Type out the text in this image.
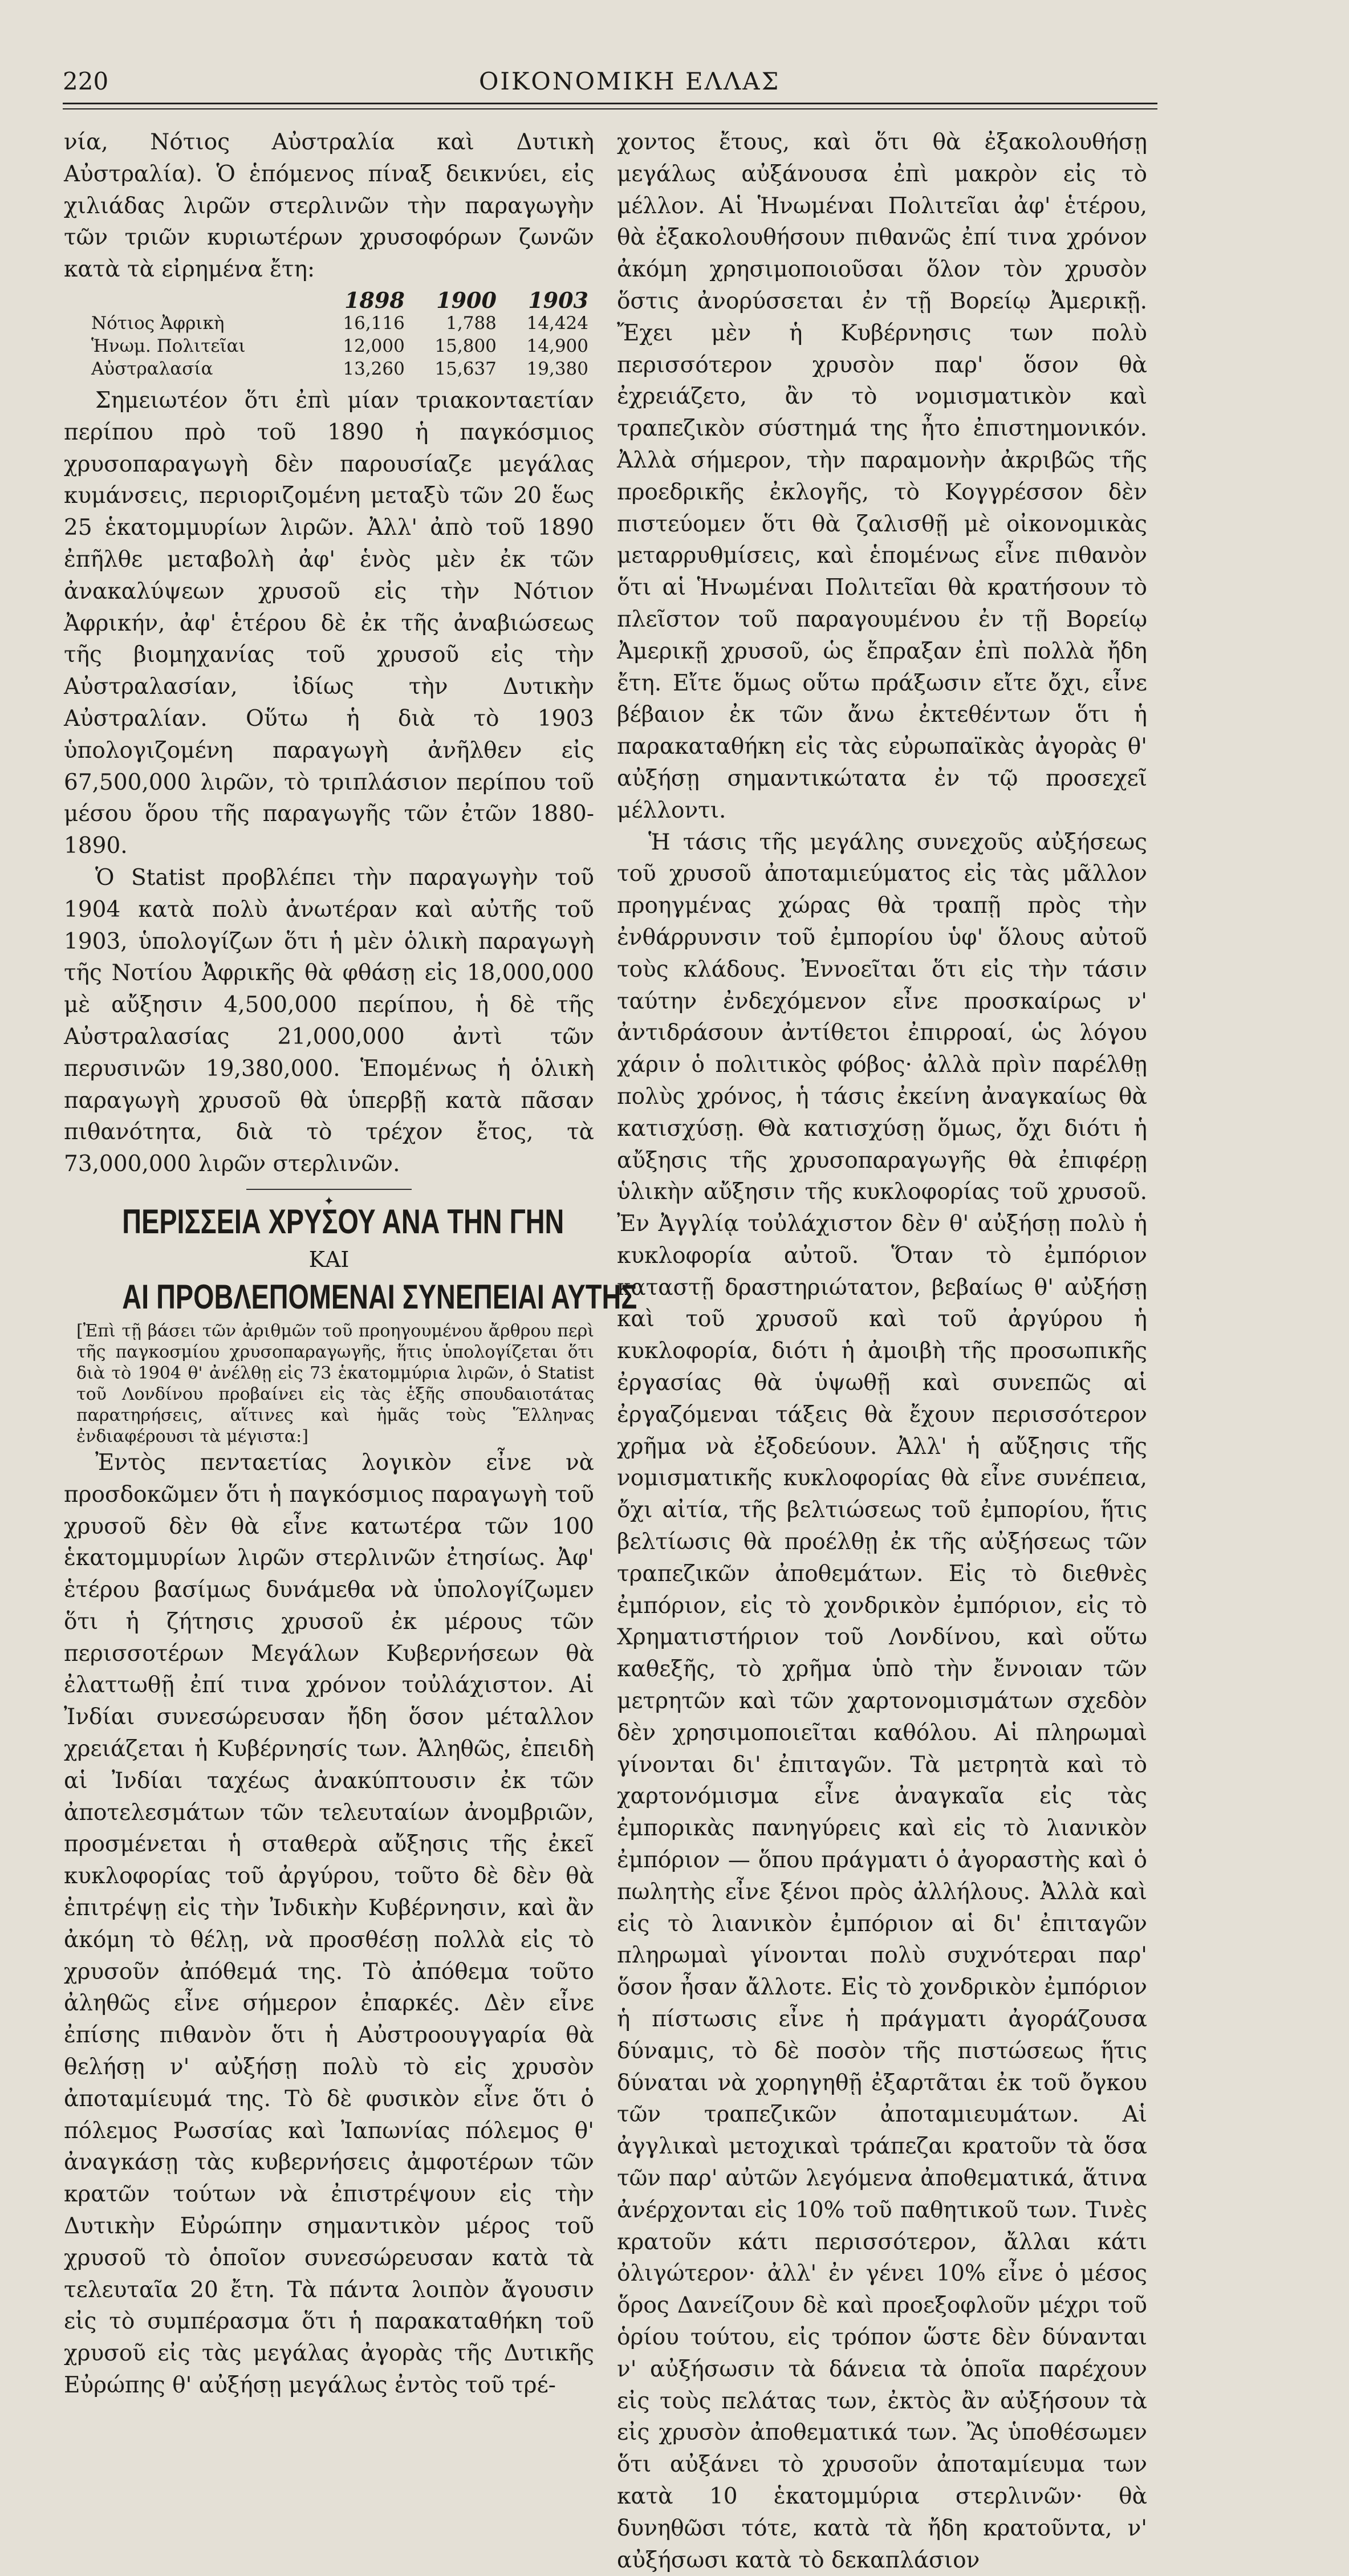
220	ΟΙΚΟΝΟΜΙΚΗ ΕΛΛΑΣ

νία, Νότιος Αὐστραλία καὶ Δυτικὴ Αὐστραλία). Ὁ ἑπόμενος πίναξ δεικνύει, εἰς χιλιάδας λιρῶν στερλινῶν τὴν παραγωγὴν τῶν τριῶν κυριωτέρων χρυσοφόρων ζωνῶν κατὰ τὰ εἰρημένα ἔτη:

	1898	1900	1903
Νότιος Ἀφρικὴ	16,116	1,788	14,424
Ἡνωμ. Πολιτεῖαι	12,000	15,800	14,900
Αὐστραλασία	13,260	15,637	19,380

Σημειωτέον ὅτι ἐπὶ μίαν τριακονταετίαν περίπου πρὸ τοῦ 1890 ἡ παγκόσμιος χρυσοπαραγωγὴ δὲν παρουσίαζε μεγάλας κυμάνσεις, περιοριζομένη μεταξὺ τῶν 20 ἕως 25 ἑκατομμυρίων λιρῶν. Ἀλλ' ἀπὸ τοῦ 1890 ἐπῆλθε μεταβολὴ ἀφ' ἑνὸς μὲν ἐκ τῶν ἀνακαλύψεων χρυσοῦ εἰς τὴν Νότιον Ἀφρικήν, ἀφ' ἑτέρου δὲ ἐκ τῆς ἀναβιώσεως τῆς βιομηχανίας τοῦ χρυσοῦ εἰς τὴν Αὐστραλασίαν, ἰδίως τὴν Δυτικὴν Αὐστραλίαν. Οὕτω ἡ διὰ τὸ 1903 ὑπολογιζομένη παραγωγὴ ἀνῆλθεν εἰς 67,500,000 λιρῶν, τὸ τριπλάσιον περίπου τοῦ μέσου ὅρου τῆς παραγωγῆς τῶν ἐτῶν 1880-1890.

Ὁ Statist προβλέπει τὴν παραγωγὴν τοῦ 1904 κατὰ πολὺ ἀνωτέραν καὶ αὐτῆς τοῦ 1903, ὑπολογίζων ὅτι ἡ μὲν ὁλικὴ παραγωγὴ τῆς Νοτίου Ἀφρικῆς θὰ φθάσῃ εἰς 18,000,000 μὲ αὔξησιν 4,500,000 περίπου, ἡ δὲ τῆς Αὐστραλασίας 21,000,000 ἀντὶ τῶν περυσινῶν 19,380,000. Ἑπομένως ἡ ὁλικὴ παραγωγὴ χρυσοῦ θὰ ὑπερβῇ κατὰ πᾶσαν πιθανότητα, διὰ τὸ τρέχον ἔτος, τὰ 73,000,000 λιρῶν στερλινῶν.

✦
ΠΕΡΙΣΣΕΙΑ ΧΡΥΣΟΥ ΑΝΑ ΤΗΝ ΓΗΝ
ΚΑΙ
ΑΙ ΠΡΟΒΛΕΠΟΜΕΝΑΙ ΣΥΝΕΠΕΙΑΙ ΑΥΤΗΣ

[Ἐπὶ τῇ βάσει τῶν ἀριθμῶν τοῦ προηγουμένου ἄρθρου περὶ τῆς παγκοσμίου χρυσοπαραγωγῆς, ἥτις ὑπολογίζεται ὅτι διὰ τὸ 1904 θ' ἀνέλθῃ εἰς 73 ἑκατομμύρια λιρῶν, ὁ Statist τοῦ Λονδίνου προβαίνει εἰς τὰς ἑξῆς σπουδαιοτάτας παρατηρήσεις, αἵτινες καὶ ἡμᾶς τοὺς Ἕλληνας ἐνδιαφέρουσι τὰ μέγιστα:]

Ἐντὸς πενταετίας λογικὸν εἶνε νὰ προσδοκῶμεν ὅτι ἡ παγκόσμιος παραγωγὴ τοῦ χρυσοῦ δὲν θὰ εἶνε κατωτέρα τῶν 100 ἑκατομμυρίων λιρῶν στερλινῶν ἐτησίως. Ἀφ' ἑτέρου βασίμως δυνάμεθα νὰ ὑπολογίζωμεν ὅτι ἡ ζήτησις χρυσοῦ ἐκ μέρους τῶν περισσοτέρων Μεγάλων Κυβερνήσεων θὰ ἐλαττωθῇ ἐπί τινα χρόνον τοὐλάχιστον. Αἱ Ἰνδίαι συνεσώρευσαν ἤδη ὅσον μέταλλον χρειάζεται ἡ Κυβέρνησίς των. Ἀληθῶς, ἐπειδὴ αἱ Ἰνδίαι ταχέως ἀνακύπτουσιν ἐκ τῶν ἀποτελεσμάτων τῶν τελευταίων ἀνομβριῶν, προσμένεται ἡ σταθερὰ αὔξησις τῆς ἐκεῖ κυκλοφορίας τοῦ ἀργύρου, τοῦτο δὲ δὲν θὰ ἐπιτρέψῃ εἰς τὴν Ἰνδικὴν Κυβέρνησιν, καὶ ἂν ἀκόμη τὸ θέλῃ, νὰ προσθέσῃ πολλὰ εἰς τὸ χρυσοῦν ἀπόθεμά της. Τὸ ἀπόθεμα τοῦτο ἀληθῶς εἶνε σήμερον ἐπαρκές. Δὲν εἶνε ἐπίσης πιθανὸν ὅτι ἡ Αὐστροουγγαρία θὰ θελήσῃ ν' αὐξήσῃ πολὺ τὸ εἰς χρυσὸν ἀποταμίευμά της. Τὸ δὲ φυσικὸν εἶνε ὅτι ὁ πόλεμος Ρωσσίας καὶ Ἰαπωνίας πόλεμος θ' ἀναγκάσῃ τὰς κυβερνήσεις ἀμφοτέρων τῶν κρατῶν τούτων νὰ ἐπιστρέψουν εἰς τὴν Δυτικὴν Εὐρώπην σημαντικὸν μέρος τοῦ χρυσοῦ τὸ ὁποῖον συνεσώρευσαν κατὰ τὰ τελευταῖα 20 ἔτη. Τὰ πάντα λοιπὸν ἄγουσιν εἰς τὸ συμπέρασμα ὅτι ἡ παρακαταθήκη τοῦ χρυσοῦ εἰς τὰς μεγάλας ἀγορὰς τῆς Δυτικῆς Εὐρώπης θ' αὐξήσῃ μεγάλως ἐντὸς τοῦ τρέ-

χοντος ἔτους, καὶ ὅτι θὰ ἐξακολουθήσῃ μεγάλως αὐξάνουσα ἐπὶ μακρὸν εἰς τὸ μέλλον. Αἱ Ἡνωμέναι Πολιτεῖαι ἀφ' ἑτέρου, θὰ ἐξακολουθήσουν πιθανῶς ἐπί τινα χρόνον ἀκόμη χρησιμοποιοῦσαι ὅλον τὸν χρυσὸν ὅστις ἀνορύσσεται ἐν τῇ Βορείῳ Ἀμερικῇ. Ἔχει μὲν ἡ Κυβέρνησις των πολὺ περισσότερον χρυσὸν παρ' ὅσον θὰ ἐχρειάζετο, ἂν τὸ νομισματικὸν καὶ τραπεζικὸν σύστημά της ἦτο ἐπιστημονικόν. Ἀλλὰ σήμερον, τὴν παραμονὴν ἀκριβῶς τῆς προεδρικῆς ἐκλογῆς, τὸ Κογγρέσσον δὲν πιστεύομεν ὅτι θὰ ζαλισθῇ μὲ οἰκονομικὰς μεταρρυθμίσεις, καὶ ἑπομένως εἶνε πιθανὸν ὅτι αἱ Ἡνωμέναι Πολιτεῖαι θὰ κρατήσουν τὸ πλεῖστον τοῦ παραγουμένου ἐν τῇ Βορείῳ Ἀμερικῇ χρυσοῦ, ὡς ἔπραξαν ἐπὶ πολλὰ ἤδη ἔτη. Εἴτε ὅμως οὕτω πράξωσιν εἴτε ὄχι, εἶνε βέβαιον ἐκ τῶν ἄνω ἐκτεθέντων ὅτι ἡ παρακαταθήκη εἰς τὰς εὐρωπαϊκὰς ἀγορὰς θ' αὐξήσῃ σημαντικώτατα ἐν τῷ προσεχεῖ μέλλοντι.

Ἡ τάσις τῆς μεγάλης συνεχοῦς αὐξήσεως τοῦ χρυσοῦ ἀποταμιεύματος εἰς τὰς μᾶλλον προηγμένας χώρας θὰ τραπῇ πρὸς τὴν ἐνθάρρυνσιν τοῦ ἐμπορίου ὑφ' ὅλους αὐτοῦ τοὺς κλάδους. Ἐννοεῖται ὅτι εἰς τὴν τάσιν ταύτην ἐνδεχόμενον εἶνε προσκαίρως ν' ἀντιδράσουν ἀντίθετοι ἐπιρροαί, ὡς λόγου χάριν ὁ πολιτικὸς φόβος· ἀλλὰ πρὶν παρέλθῃ πολὺς χρόνος, ἡ τάσις ἐκείνη ἀναγκαίως θὰ κατισχύσῃ. Θὰ κατισχύσῃ ὅμως, ὄχι διότι ἡ αὔξησις τῆς χρυσοπαραγωγῆς θὰ ἐπιφέρῃ ὑλικὴν αὔξησιν τῆς κυκλοφορίας τοῦ χρυσοῦ. Ἐν Ἀγγλίᾳ τοὐλάχιστον δὲν θ' αὐξήσῃ πολὺ ἡ κυκλοφορία αὐτοῦ. Ὅταν τὸ ἐμπόριον καταστῇ δραστηριώτατον, βεβαίως θ' αὐξήσῃ καὶ τοῦ χρυσοῦ καὶ τοῦ ἀργύρου ἡ κυκλοφορία, διότι ἡ ἀμοιβὴ τῆς προσωπικῆς ἐργασίας θὰ ὑψωθῇ καὶ συνεπῶς αἱ ἐργαζόμεναι τάξεις θὰ ἔχουν περισσότερον χρῆμα νὰ ἐξοδεύουν. Ἀλλ' ἡ αὔξησις τῆς νομισματικῆς κυκλοφορίας θὰ εἶνε συνέπεια, ὄχι αἰτία, τῆς βελτιώσεως τοῦ ἐμπορίου, ἥτις βελτίωσις θὰ προέλθῃ ἐκ τῆς αὐξήσεως τῶν τραπεζικῶν ἀποθεμάτων. Εἰς τὸ διεθνὲς ἐμπόριον, εἰς τὸ χονδρικὸν ἐμπόριον, εἰς τὸ Χρηματιστήριον τοῦ Λονδίνου, καὶ οὕτω καθεξῆς, τὸ χρῆμα ὑπὸ τὴν ἔννοιαν τῶν μετρητῶν καὶ τῶν χαρτονομισμάτων σχεδὸν δὲν χρησιμοποιεῖται καθόλου. Αἱ πληρωμαὶ γίνονται δι' ἐπιταγῶν. Τὰ μετρητὰ καὶ τὸ χαρτονόμισμα εἶνε ἀναγκαῖα εἰς τὰς ἐμπορικὰς πανηγύρεις καὶ εἰς τὸ λιανικὸν ἐμπόριον — ὅπου πράγματι ὁ ἀγοραστὴς καὶ ὁ πωλητὴς εἶνε ξένοι πρὸς ἀλλήλους. Ἀλλὰ καὶ εἰς τὸ λιανικὸν ἐμπόριον αἱ δι' ἐπιταγῶν πληρωμαὶ γίνονται πολὺ συχνότεραι παρ' ὅσον ἦσαν ἄλλοτε. Εἰς τὸ χονδρικὸν ἐμπόριον ἡ πίστωσις εἶνε ἡ πράγματι ἀγοράζουσα δύναμις, τὸ δὲ ποσὸν τῆς πιστώσεως ἥτις δύναται νὰ χορηγηθῇ ἐξαρτᾶται ἐκ τοῦ ὄγκου τῶν τραπεζικῶν ἀποταμιευμάτων. Αἱ ἀγγλικαὶ μετοχικαὶ τράπεζαι κρατοῦν τὰ ὅσα τῶν παρ' αὐτῶν λεγόμενα ἀποθεματικά, ἅτινα ἀνέρχονται εἰς 10% τοῦ παθητικοῦ των. Τινὲς κρατοῦν κάτι περισσότερον, ἄλλαι κάτι ὀλιγώτερον· ἀλλ' ἐν γένει 10% εἶνε ὁ μέσος ὅρος Δανείζουν δὲ καὶ προεξοφλοῦν μέχρι τοῦ ὁρίου τούτου, εἰς τρόπον ὥστε δὲν δύνανται ν' αὐξήσωσιν τὰ δάνεια τὰ ὁποῖα παρέχουν εἰς τοὺς πελάτας των, ἐκτὸς ἂν αὐξήσουν τὰ εἰς χρυσὸν ἀποθεματικά των. Ἂς ὑποθέσωμεν ὅτι αὐξάνει τὸ χρυσοῦν ἀποταμίευμα των κατὰ 10 ἑκατομμύρια στερλινῶν· θὰ δυνηθῶσι τότε, κατὰ τὰ ἤδη κρατοῦντα, ν' αὐξήσωσι κατὰ τὸ δεκαπλάσιον
